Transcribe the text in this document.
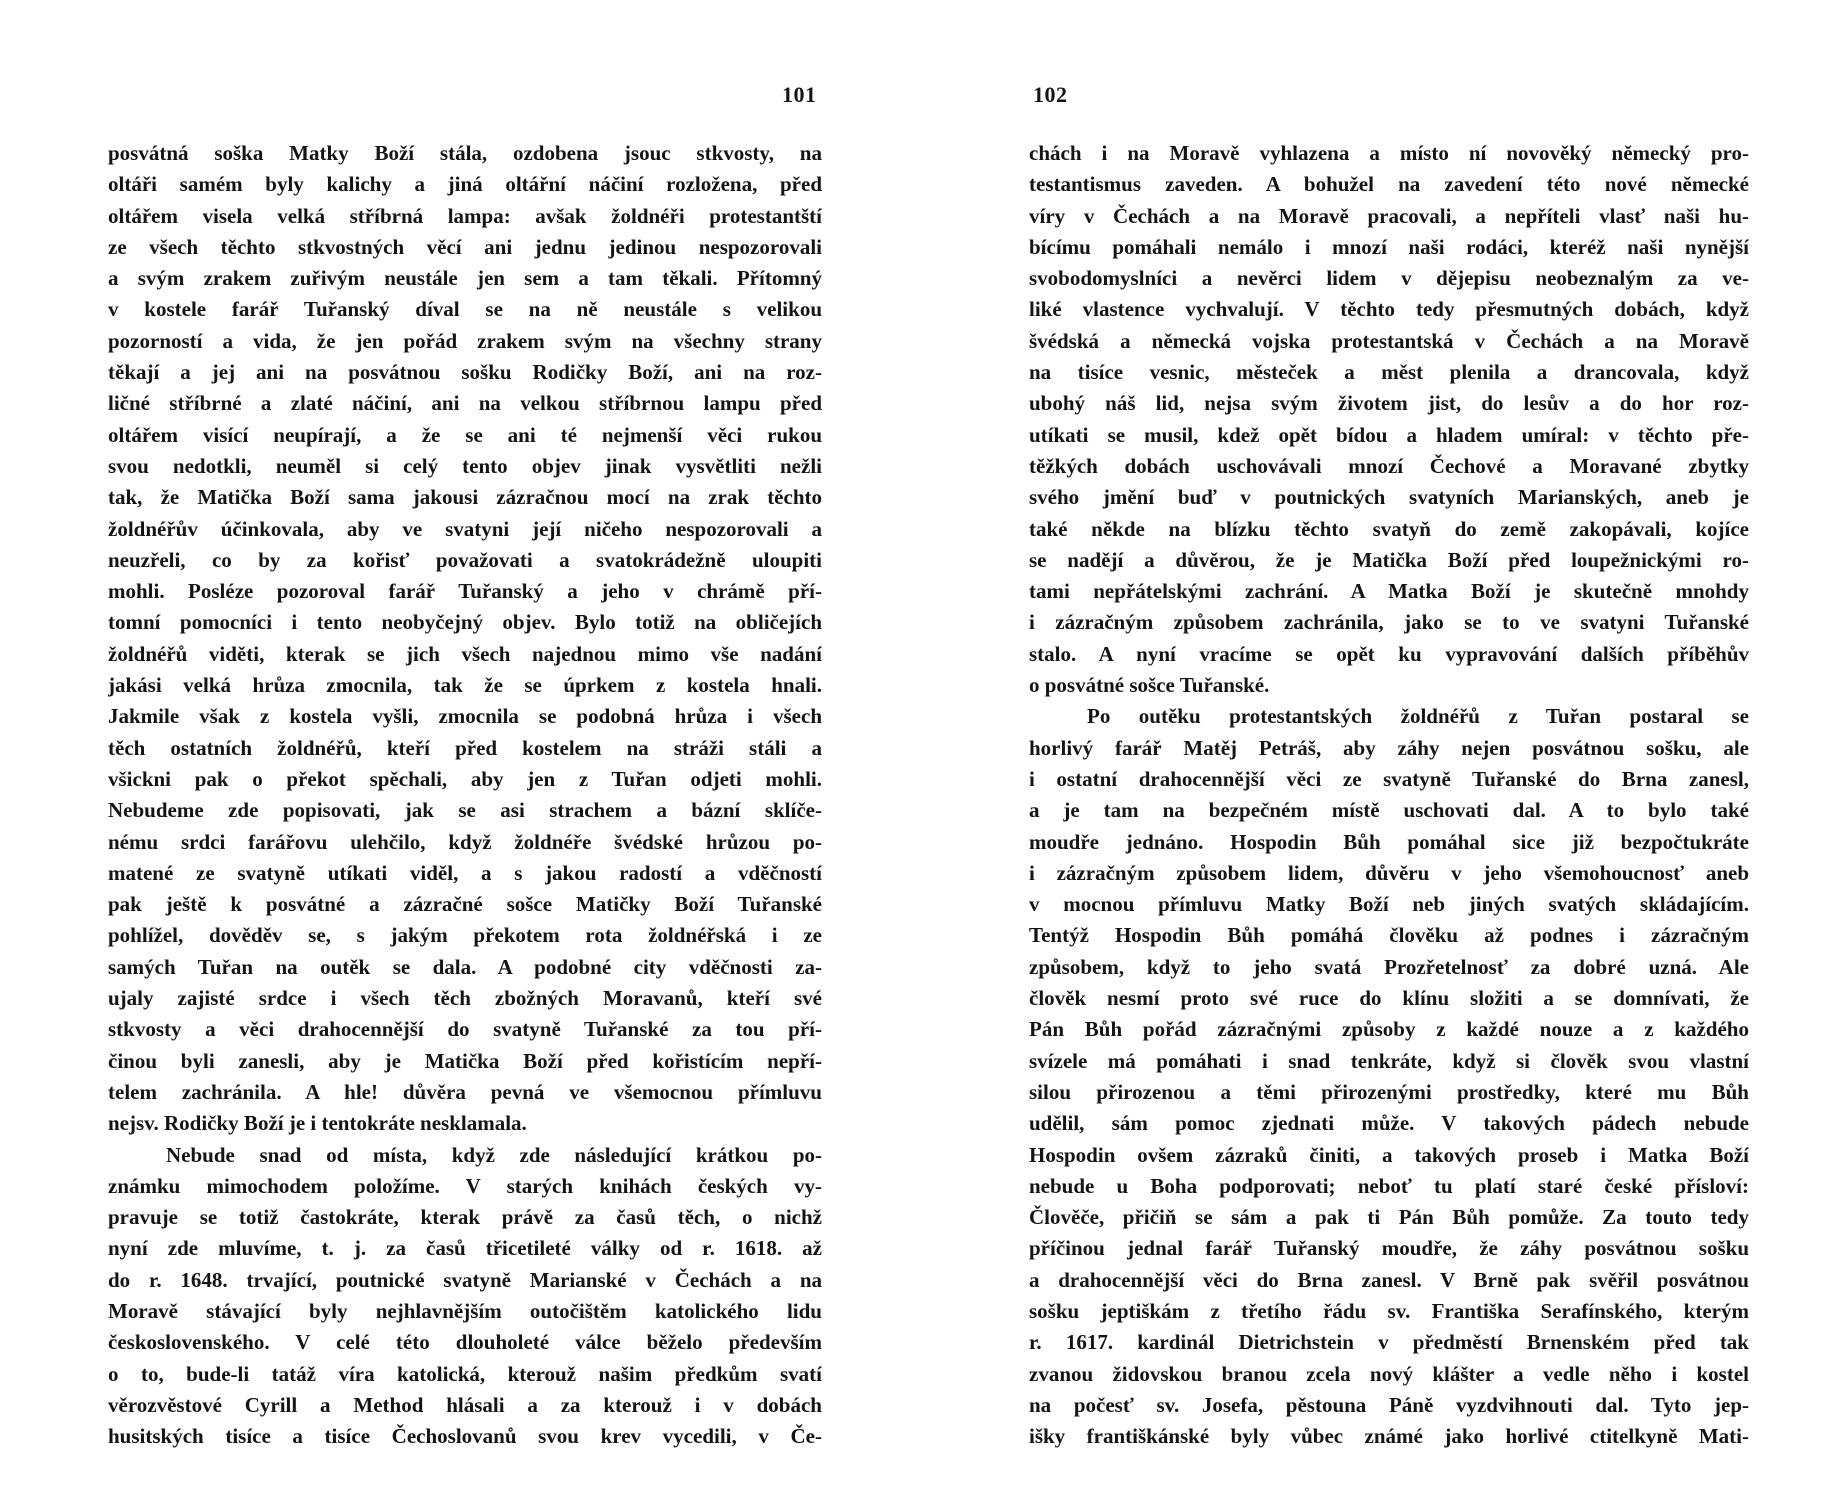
101
posvátná soška Matky Boží stála, ozdobena jsouc stkvosty, na
oltáři samém byly kalichy a jiná oltářní náčiní rozložena, před
oltářem visela velká stříbrná lampa: avšak žoldnéři protestantští
ze všech těchto stkvostných věcí ani jednu jedinou nespozorovali
a svým zrakem zuřivým neustále jen sem a tam těkali. Přítomný
v kostele farář Tuřanský díval se na ně neustále s velikou
pozorností a vida, že jen pořád zrakem svým na všechny strany
těkají a jej ani na posvátnou sošku Rodičky Boží, ani na roz-
ličné stříbrné a zlaté náčiní, ani na velkou stříbrnou lampu před
oltářem visící neupírají, a že se ani té nejmenší věci rukou
svou nedotkli, neuměl si celý tento objev jinak vysvětliti nežli
tak, že Matička Boží sama jakousi zázračnou mocí na zrak těchto
žoldnéřův účinkovala, aby ve svatyni její ničeho nespozorovali a
neuzřeli, co by za kořisť považovati a svatokrádežně uloupiti
mohli. Posléze pozoroval farář Tuřanský a jeho v chrámě pří-
tomní pomocníci i tento neobyčejný objev. Bylo totiž na obličejích
žoldnéřů viděti, kterak se jich všech najednou mimo vše nadání
jakási velká hrůza zmocnila, tak že se úprkem z kostela hnali.
Jakmile však z kostela vyšli, zmocnila se podobná hrůza i všech
těch ostatních žoldnéřů, kteří před kostelem na stráži stáli a
všickni pak o překot spěchali, aby jen z Tuřan odjeti mohli.
Nebudeme zde popisovati, jak se asi strachem a bázní sklíče-
nému srdci farářovu ulehčilo, když žoldnéře švédské hrůzou po-
matené ze svatyně utíkati viděl, a s jakou radostí a vděčností
pak ještě k posvátné a zázračné sošce Matičky Boží Tuřanské
pohlížel, dověděv se, s jakým překotem rota žoldnéřská i ze
samých Tuřan na outěk se dala. A podobné city vděčnosti za-
ujaly zajisté srdce i všech těch zbožných Moravanů, kteří své
stkvosty a věci drahocennější do svatyně Tuřanské za tou pří-
činou byli zanesli, aby je Matička Boží před kořistícím nepří-
telem zachránila. A hle! důvěra pevná ve všemocnou přímluvu
nejsv. Rodičky Boží je i tentokráte nesklamala.
Nebude snad od místa, když zde následující krátkou po-
známku mimochodem položíme. V starých knihách českých vy-
pravuje se totiž častokráte, kterak právě za časů těch, o nichž
nyní zde mluvíme, t. j. za časů třicetileté války od r. 1618. až
do r. 1648. trvající, poutnické svatyně Marianské v Čechách a na
Moravě stávající byly nejhlavnějším outočištěm katolického lidu
československého. V celé této dlouholeté válce běželo především
o to, bude-li tatáž víra katolická, kterouž našim předkům svatí
věrozvěstové Cyrill a Method hlásali a za kterouž i v dobách
husitských tisíce a tisíce Čechoslovanů svou krev vycedili, v Če-
102
chách i na Moravě vyhlazena a místo ní novověký německý pro-
testantismus zaveden. A bohužel na zavedení této nové německé
víry v Čechách a na Moravě pracovali, a nepříteli vlasť naši hu-
bícímu pomáhali nemálo i mnozí naši rodáci, kteréž naši nynější
svobodomyslníci a nevěrci lidem v dějepisu neobeznalým za ve-
liké vlastence vychvalují. V těchto tedy přesmutných dobách, když
švédská a německá vojska protestantská v Čechách a na Moravě
na tisíce vesnic, městeček a měst plenila a drancovala, když
ubohý náš lid, nejsa svým životem jist, do lesův a do hor roz-
utíkati se musil, kdež opět bídou a hladem umíral: v těchto pře-
těžkých dobách uschovávali mnozí Čechové a Moravané zbytky
svého jmění buď v poutnických svatyních Marianských, aneb je
také někde na blízku těchto svatyň do země zakopávali, kojíce
se nadějí a důvěrou, že je Matička Boží před loupežnickými ro-
tami nepřátelskými zachrání. A Matka Boží je skutečně mnohdy
i zázračným způsobem zachránila, jako se to ve svatyni Tuřanské
stalo. A nyní vracíme se opět ku vypravování dalších příběhův
o posvátné sošce Tuřanské.
Po outěku protestantských žoldnéřů z Tuřan postaral se
horlivý farář Matěj Petráš, aby záhy nejen posvátnou sošku, ale
i ostatní drahocennější věci ze svatyně Tuřanské do Brna zanesl,
a je tam na bezpečném místě uschovati dal. A to bylo také
moudře jednáno. Hospodin Bůh pomáhal sice již bezpočtukráte
i zázračným způsobem lidem, důvěru v jeho všemohoucnosť aneb
v mocnou přímluvu Matky Boží neb jiných svatých skládajícím.
Tentýž Hospodin Bůh pomáhá člověku až podnes i zázračným
způsobem, když to jeho svatá Prozřetelnosť za dobré uzná. Ale
člověk nesmí proto své ruce do klínu složiti a se domnívati, že
Pán Bůh pořád zázračnými způsoby z každé nouze a z každého
svízele má pomáhati i snad tenkráte, když si člověk svou vlastní
silou přirozenou a těmi přirozenými prostředky, které mu Bůh
udělil, sám pomoc zjednati může. V takových pádech nebude
Hospodin ovšem zázraků činiti, a takových proseb i Matka Boží
nebude u Boha podporovati; neboť tu platí staré české přísloví:
Člověče, přičiň se sám a pak ti Pán Bůh pomůže. Za toutо tedy
příčinou jednal farář Tuřanský moudře, že záhy posvátnou sošku
a drahocennější věci do Brna zanesl. V Brně pak svěřil posvátnou
sošku jeptiškám z třetího řádu sv. Františka Serafínského, kterým
r. 1617. kardinál Dietrichstein v předměstí Brnenském před tak
zvanou židovskou branou zcela nový klášter a vedle něho i kostel
na počesť sv. Josefa, pěstouna Páně vyzdvihnouti dal. Tyto jep-
išky františkánské byly vůbec známé jako horlivé ctitelkyně Mati-
